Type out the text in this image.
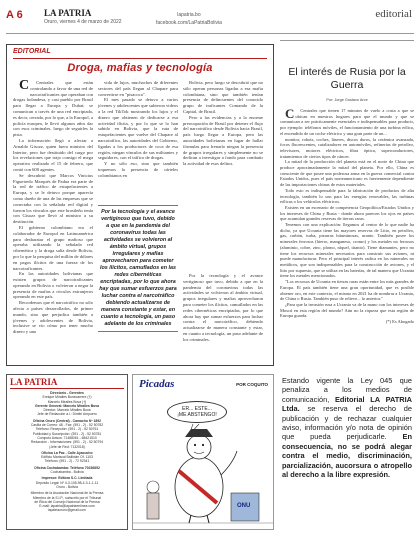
A 6 LA PATRIA
Oruro, viernes 4 de marzo de 2022
lapatria.bo
facebook.com/LaPatriaBolivia
editorial
EDITORIAL
Droga, mafias y tecnología

C Centrales que están controlando a favor de una red de narcotraficantes que operaban con drogas holandesa, y casi pueblo por Brasil para llegar a Europa y Dubai; se comunican a través de una red encriptada, es decir, cerrada, por lo que, a la Europol, a policía europea, le llevó algunos años dar con esos criminales, luego de seguirles la pista.

La información llegó a afectar a Arnaldo Gisozz, quien fuera ministro del Interior, pero fue destituido del cargo por los revelaciones que trajo consigo el mega operativo realizado el 15 de febrero, que contó con 600 agentes.

Se descubrió que Marcos Vinicius Figueiredo Marqués de Padua era parte de la red de tráfico de estupefacientes a Europa, y se le detuvo porque aparecía como dueño de una de las empresas que se conectaba con la señalada red digital y fueron los vínculos que este brasileño tenía con Gisozz que llevó al ministro a su destitución.

El gobierno colombiano era el colaborador de Europol en Latinoamérica para desbaratar el grupo mafioso que operaba utilizando la señalada red cibernética y la droga salía desde Bolivia, por lo que la pesquisa del millón de dólares en pagos ilícitos de una fuerza de los narcotraficantes.

En las autoridades bolivianas que existen grupos de narcotraficantes operando en Bolivia o volvieron a negar la presencia de mafias a círculos extranjeros operando en este país.

Recordemos que el narcotráfico no sólo afecta a países desarrollados, de primer mundo, sino que perjudica también a jóvenes y adolescentes de Bolivia, inclusive se vio cómo por tener mucho dinero y una

vida de lujos, muchachos de diferentes sectores del país llegan al Chapare para convertirse en "pisacoca".

El mes pasado se detuvo a varios jóvenes y adolescentes que subieron videos a la red TikTok mostrando los lujos y el dinero que obtienen de dedicarse a esa actividad ilícita, y por lo que se lo han sabido en Bolivia, que la ruta de estupefacientes que vuelve del Chapare al narcotráfico, las autoridades del Gobierno, ligadas a los productores de coca de esa región, niegan vínculos de sus militantes y seguidores, con el tráfico de drogas.

Y no sólo eso, sino que también toquemos la presencia de cárteles colombianos en

Por la tecnología y el avance vertiginoso que tuvo, debido a que en la pandemia del coronavirus todas las actividades se volvieron al ámbito virtual, grupos irregulares y mafias aprovecharon para cometer los ilícitos, camuflados en las redes cibernéticas encriptadas, por lo que ahora hay que sumar esfuerzos para luchar contra el narcotráfico debiendo actualizarse de manera constante y estar, en cuanto a tecnología, un paso adelante de los criminales

Bolivia, pero luego se descubrió que no sólo operan personas ligadas a esa mafia colombiana, sino que también tenían presencia de delincuentes del conocido grupo de traficantes Comando de la Capital, de Brasil.

Pero a las evidencias y a la enorme preocupación de Brasil por detener el flujo del narcotráfico desde Bolivia hacia Brasil, país luego llegar a Europa, pero las autoridades bolivianas en lugar de hallar fórmulas para frenarlo niegan la presencia de grupos irregulares y simplemente no se dedican a investigar a fondo para combatir la actividad de esos delitos.

Por la tecnología y el avance vertiginoso que tuvo, debido a que en la pandemia del coronavirus todas las actividades se volvieron al ámbito virtual, grupos irregulares y mafias aprovecharon para cometer los ilícitos, camuflados en las redes cibernéticas encriptadas, por lo que ahora hay que sumar esfuerzos para luchar contra el narcotráfico, debiendo actualizarse de manera constante y estar, en cuanto a tecnología, un paso adelante de los criminales.

El interés de Rusia por la Guerra
Por: Jorge Gustavo Arce

C Centrales que tienen 17 minutos de vuelo a costa a que se ubican en nuestros hogares para que el mundo y que se comunican a ser prácticamente esenciales e indispensables para producir, por ejemplo: teléfonos móviles, el funcionamiento de una turbina eólica, el encendido de un coche eléctrico y una gran parte de un...

monitor, robots, coches, láseres, discos duros, la cerámica avanzada, focos fluorescentes, catalizadores en automóviles, refinerías de petróleo, televisores, motores eléctricos, fibra óptica, superconductores, tratamientos de ciertos tipos de cáncer.

La mitad de la producción del planeta está en el norte de China que produce aproximadamente la mitad del planeta. Por ello, China es consciente de que posee una poderosa arma en la guerra comercial contra Estados Unidos, pues el país norteamericano es fuertemente dependiente de las importaciones chinas de estos materiales.

Todo esto es indispensable para la fabricación de productos de alta tecnología, también lo son para las energías renovables, las turbinas eólicas o los vehículos eléctricos.

Existen en un escenario de competencia Geopolítica/Estados Unidos y los intereses de China y Rusia - donde ahora parecen los ojos en países que acumulan grandes reservas de tierras raras.

Tenemos con una explicación: llegamos al centro de lo que nadie ha dicho, ya que Ucrania tiene las mayores reservas de Litio, en petróleo, gas, carbón, turba, pizarras bituminosas, uranio. También posee los minerales ferrosos (hierro, manganeso, cromo) y los metales no ferrosos (aluminio, cobre, zinc, plomo, níquel, titanio). Tiene diamantes, pero no tiene los recursos minerales necesarios para construir sus aviones, ni puede manufacturar. Pero el principal interés radica en los minerales no metálicos, que son indispensables para la construcción de aviones, y el litio por supuesto, que se utiliza en las baterías, de tal manera que Ucrania tiene los metales mencionados.

"Los recursos de Ucrania en tierras raras están entre los más grandes de Europa. El país también tiene una gran oportunidad, que es posible obtener oro, en este contexto, el mismo en 2021 ha de nombrar a Ucrania, de China o Rusia. También puso de relieve... lo anterior."

¿Para que la invasión rusa a Ucrania va de la mano con los intereses de Moscú en esta región del mundo? Aún no la riqueza que esta región de Europa guarda.

(*) Es Abogado

LA PATRIA
Directorio - Gerentes
Enrique Miralles Bonecarrere (†)
Marcelo Miralles Bova (†)
Gerente General: Marcelo Miralles Bova
Director: Marcelo Miralles Bova
Jefe de Redacción a.i.: Dimitri Ampuero
Oficina Oruro (Central) - Camacho Nº 1892
Casilla de Correo: 48 - Fax: (591 - 2) - 52 50782
Teléfono: Recepción: (591 - 2) - 52 50761
Publicidad y Suscripción: (591 - 2) - 52 50781
Computo Avisos: 71488061 - 68421510
Redacción - Informaciones: (591 - 2) - 52 50794
(Jefe de Red: 7132018)
Oficina La Paz - Calle Ayacucho
Edificio Mariscal Ballivián Of. 1103
Teléfono: (591 - 2) - 72 92341
Oficina Cochabamba: Teléfono 70236852
Cochabamba - Bolivia
Impresor: Editora S.C. Limitada
Depósito Legal: Nº 4-3-105-98-4-3-1-1-11
Oruro - Bolivia
Miembro de la Asociación Nacional de la Prensa
Miembro de la S.I.P., subscrito por el Tribunal
de Ética del Consejo Nacional de la Prensa
E-mail: lapatria@lapatriaenlinea.com
lapatriaoruro@gmail.com
Picadas	POR COQUITO
ER... ESTE...
¡ME ABSTENGO!
ONU
Estando vigente la Ley 045 que penaliza a los medios de comunicación, Editorial LA PATRIA Ltda. se reserva el derecho de publicación y de rechazar cualquier aviso, información y/o nota de opinión que pueda perjudicarle. En consecuencia, no se podrá alegar contra el medio, discriminación, parcialización, aucorsura o atropello al derecho a la libre expresión.
